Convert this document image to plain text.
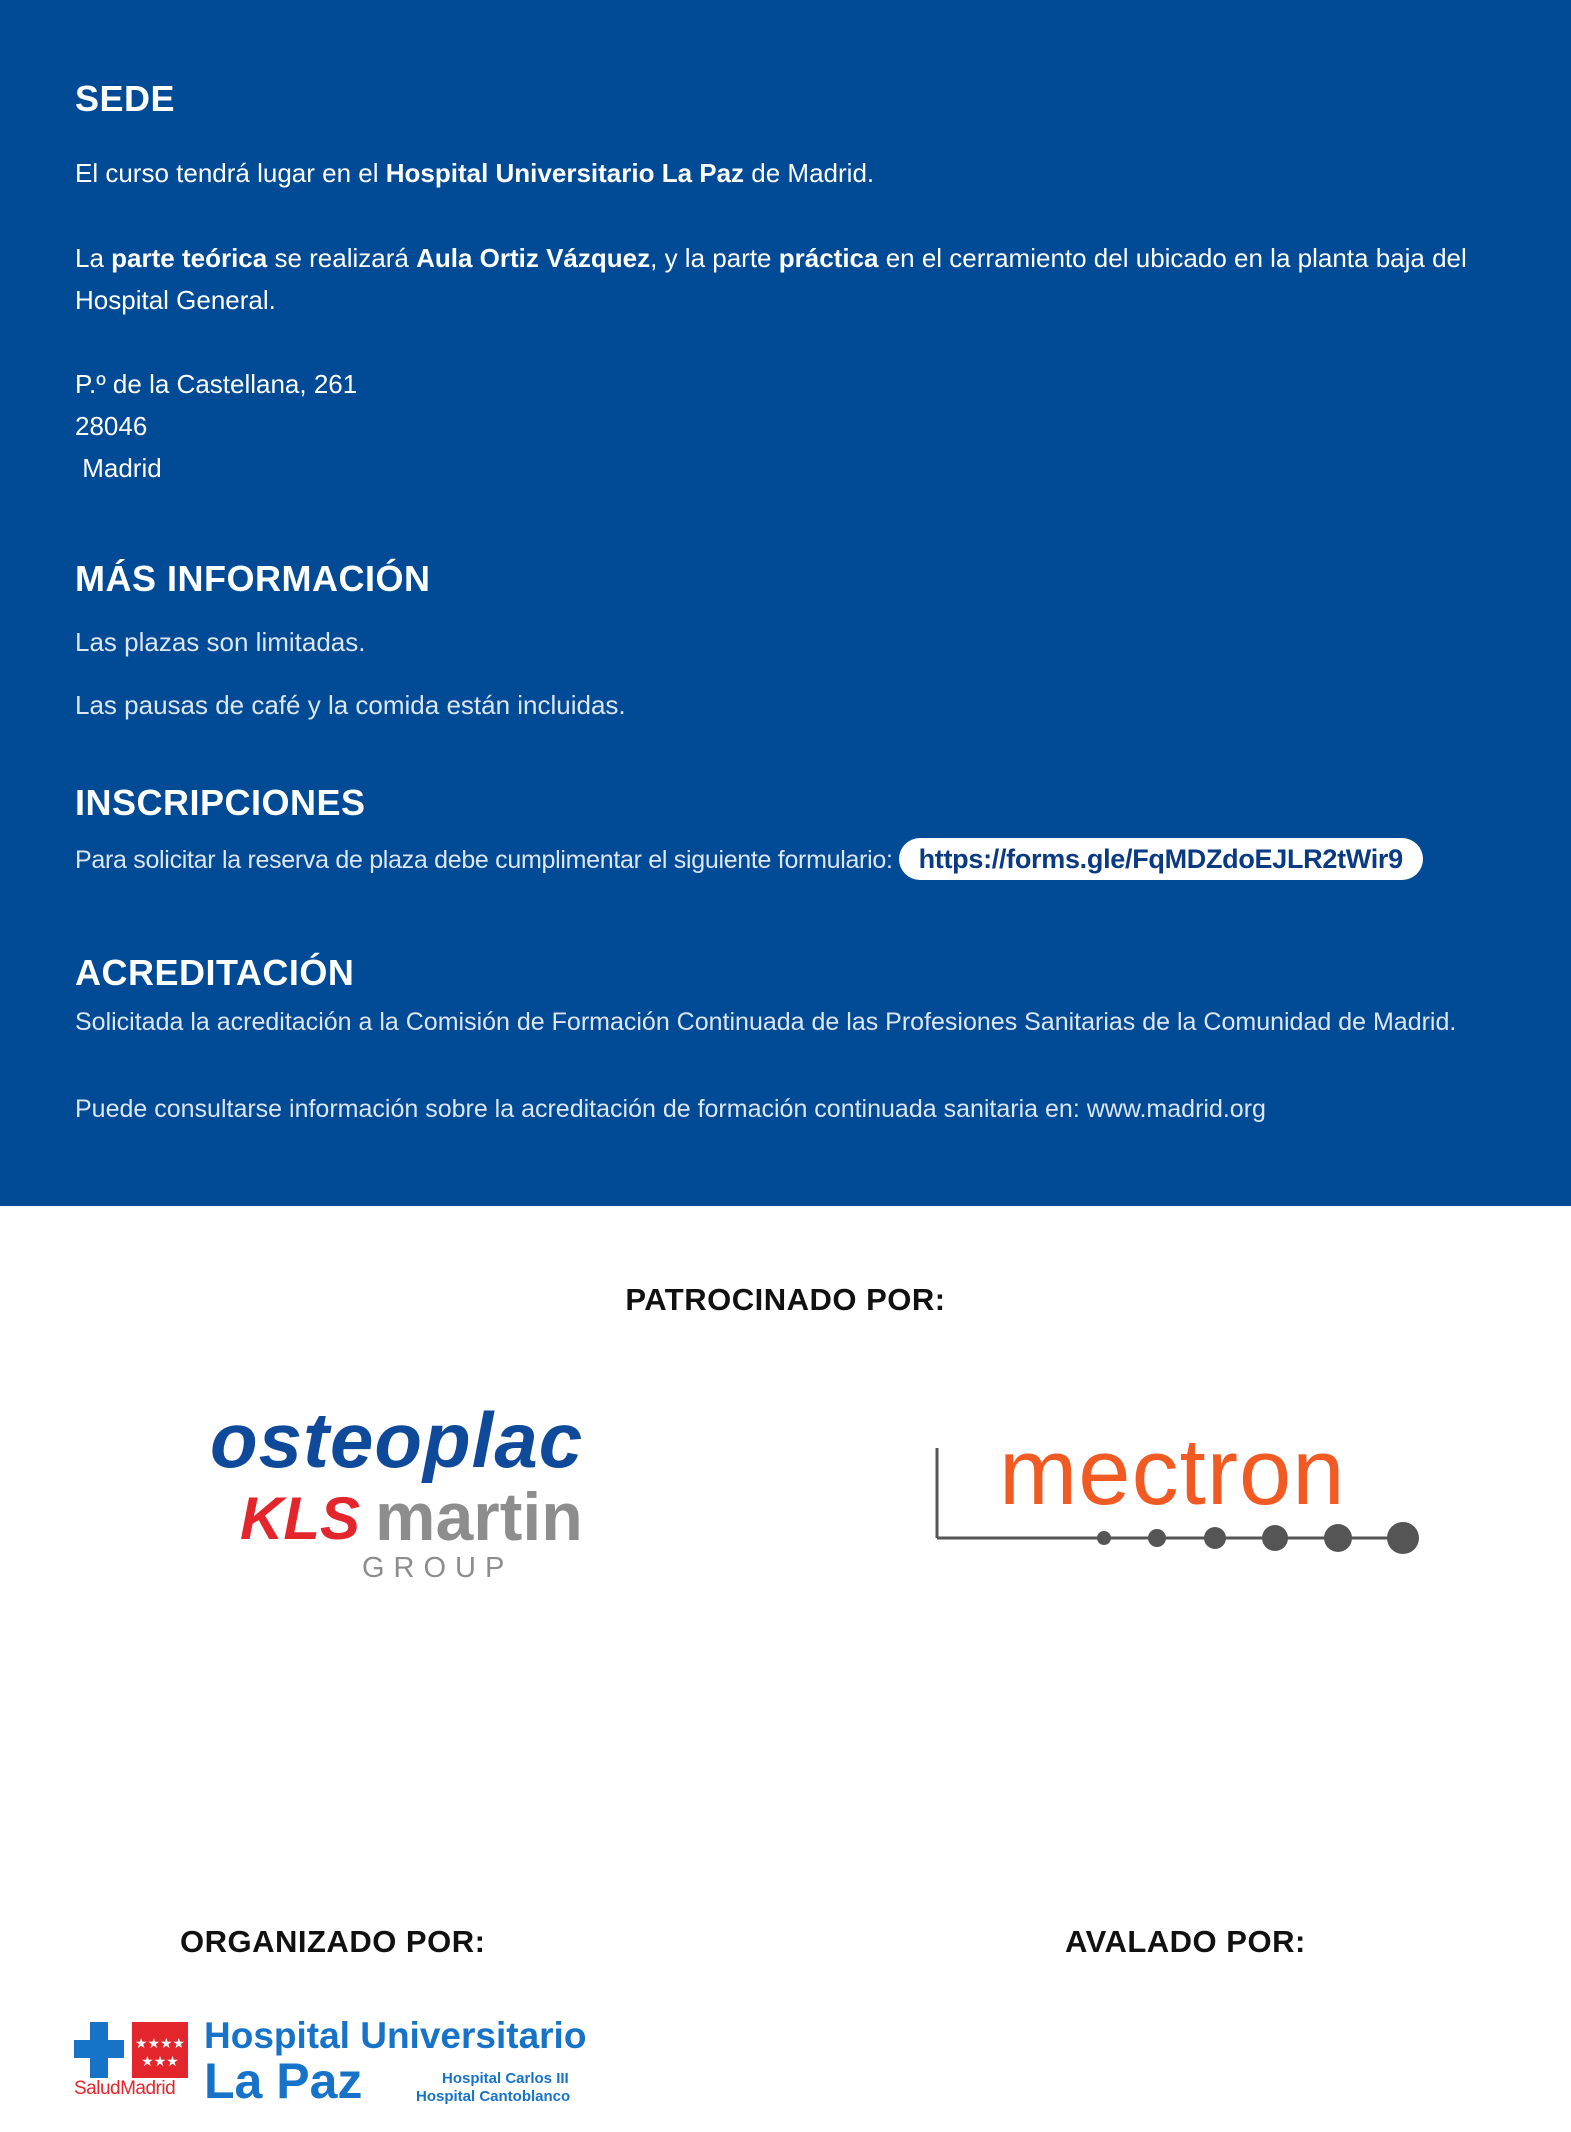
SEDE

El curso tendrá lugar en el Hospital Universitario La Paz de Madrid.

La parte teórica se realizará Aula Ortiz Vázquez, y la parte práctica en el cerramiento del ubicado en la planta baja del Hospital General.

P.º de la Castellana, 261

28046

Madrid

MÁS INFORMACIÓN

Las plazas son limitadas.

Las pausas de café y la comida están incluidas.

INSCRIPCIONES

Para solicitar la reserva de plaza debe cumplimentar el siguiente formulario: https://forms.gle/FqMDZdoEJLR2tWir9

ACREDITACIÓN

Solicitada la acreditación a la Comisión de Formación Continuada de las Profesiones Sanitarias de la Comunidad de Madrid.

Puede consultarse información sobre la acreditación de formación continuada sanitaria en: www.madrid.org

PATROCINADO POR:
osteoplac
KLS martin
GROUP
mectron
ORGANIZADO POR:	AVALADO POR:
★★★★
★★★
SaludMadrid
Hospital Universitario
La Paz	Hospital Carlos III
Hospital Cantoblanco
